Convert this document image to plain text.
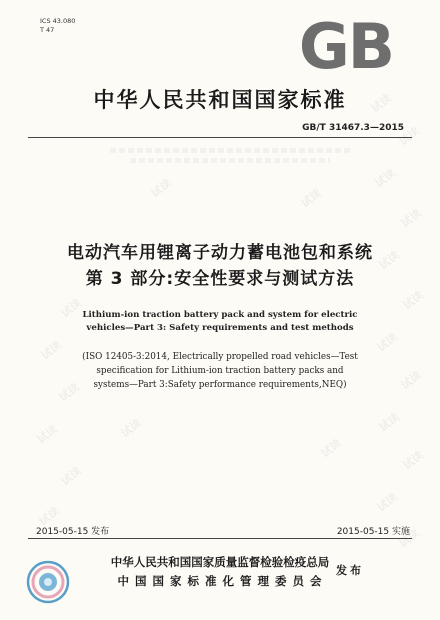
试读
试读
试读
试读
试读
试读
试读
试读
试读
试读
试读
试读
试读
试读
试读
试读
试读
试读
试读	试读
试读
试读
ICS 43.080
T 47	GB
中华人民共和国国家标准
GB/T 31467.3—2015
电动汽车用锂离子动力蓄电池包和系统
第 3 部分:安全性要求与测试方法
Lithium-ion traction battery pack and system for electric
vehicles—Part 3: Safety requirements and test methods
(ISO 12405-3:2014, Electrically propelled road vehicles—Test
specification for Lithium-ion traction battery packs and
systems—Part 3:Safety performance requirements,NEQ)
2015-05-15 发布	2015-05-15 实施
中华人民共和国国家质量监督检验检疫总局
中 国 国 家 标 准 化 管 理 委 员 会
发布
